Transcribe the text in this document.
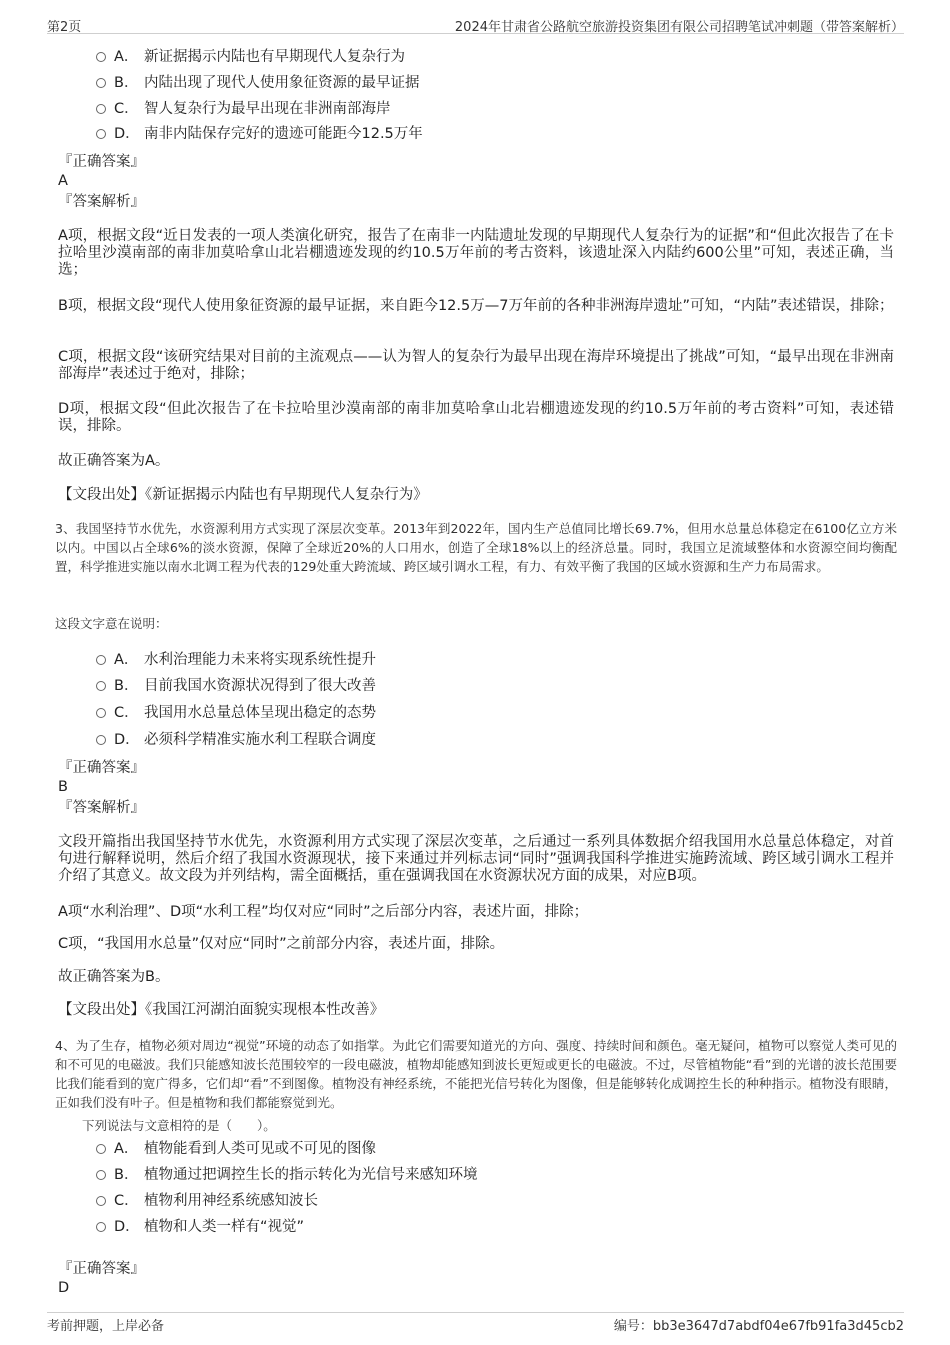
第2页	2024年甘肃省公路航空旅游投资集团有限公司招聘笔试冲刺题（带答案解析）
A． 新证据揭示内陆也有早期现代人复杂行为
B． 内陆出现了现代人使用象征资源的最早证据
C． 智人复杂行为最早出现在非洲南部海岸
D． 南非内陆保存完好的遗迹可能距今12.5万年
『正确答案』
A
『答案解析』
A项，根据文段“近日发表的一项人类演化研究，报告了在南非一内陆遗址发现的早期现代人复杂行为的证据”和“但此次报告了在卡拉哈里沙漠南部的南非加莫哈拿山北岩棚遗迹发现的约10.5万年前的考古资料，该遗址深入内陆约600公里”可知，表述正确，当选；
B项，根据文段“现代人使用象征资源的最早证据，来自距今12.5万—7万年前的各种非洲海岸遗址”可知，“内陆”表述错误，排除；
C项，根据文段“该研究结果对目前的主流观点——认为智人的复杂行为最早出现在海岸环境提出了挑战”可知，“最早出现在非洲南部海岸”表述过于绝对，排除；
D项，根据文段“但此次报告了在卡拉哈里沙漠南部的南非加莫哈拿山北岩棚遗迹发现的约10.5万年前的考古资料”可知，表述错误，排除。
故正确答案为A。
【文段出处】《新证据揭示内陆也有早期现代人复杂行为》
3、我国坚持节水优先，水资源利用方式实现了深层次变革。2013年到2022年，国内生产总值同比增长69.7%，但用水总量总体稳定在6100亿立方米以内。中国以占全球6%的淡水资源，保障了全球近20%的人口用水，创造了全球18%以上的经济总量。同时，我国立足流域整体和水资源空间均衡配置，科学推进实施以南水北调工程为代表的129处重大跨流域、跨区域引调水工程，有力、有效平衡了我国的区域水资源和生产力布局需求。
这段文字意在说明：
A． 水利治理能力未来将实现系统性提升
B． 目前我国水资源状况得到了很大改善
C． 我国用水总量总体呈现出稳定的态势
D． 必须科学精准实施水利工程联合调度
『正确答案』
B
『答案解析』
文段开篇指出我国坚持节水优先，水资源利用方式实现了深层次变革，之后通过一系列具体数据介绍我国用水总量总体稳定，对首句进行解释说明，然后介绍了我国水资源现状，接下来通过并列标志词“同时”强调我国科学推进实施跨流域、跨区域引调水工程并介绍了其意义。故文段为并列结构，需全面概括，重在强调我国在水资源状况方面的成果，对应B项。
A项“水利治理”、D项“水利工程”均仅对应“同时”之后部分内容，表述片面，排除；
C项，“我国用水总量”仅对应“同时”之前部分内容，表述片面，排除。
故正确答案为B。
【文段出处】《我国江河湖泊面貌实现根本性改善》
4、为了生存，植物必须对周边“视觉”环境的动态了如指掌。为此它们需要知道光的方向、强度、持续时间和颜色。毫无疑问，植物可以察觉人类可见的和不可见的电磁波。我们只能感知波长范围较窄的一段电磁波，植物却能感知到波长更短或更长的电磁波。不过，尽管植物能“看”到的光谱的波长范围要比我们能看到的宽广得多，它们却“看”不到图像。植物没有神经系统，不能把光信号转化为图像，但是能够转化成调控生长的种种指示。植物没有眼睛，正如我们没有叶子。但是植物和我们都能察觉到光。
下列说法与文意相符的是（　　）。
A． 植物能看到人类可见或不可见的图像
B． 植物通过把调控生长的指示转化为光信号来感知环境
C． 植物利用神经系统感知波长
D． 植物和人类一样有“视觉”
『正确答案』
D
考前押题，上岸必备	编号：bb3e3647d7abdf04e67fb91fa3d45cb2
